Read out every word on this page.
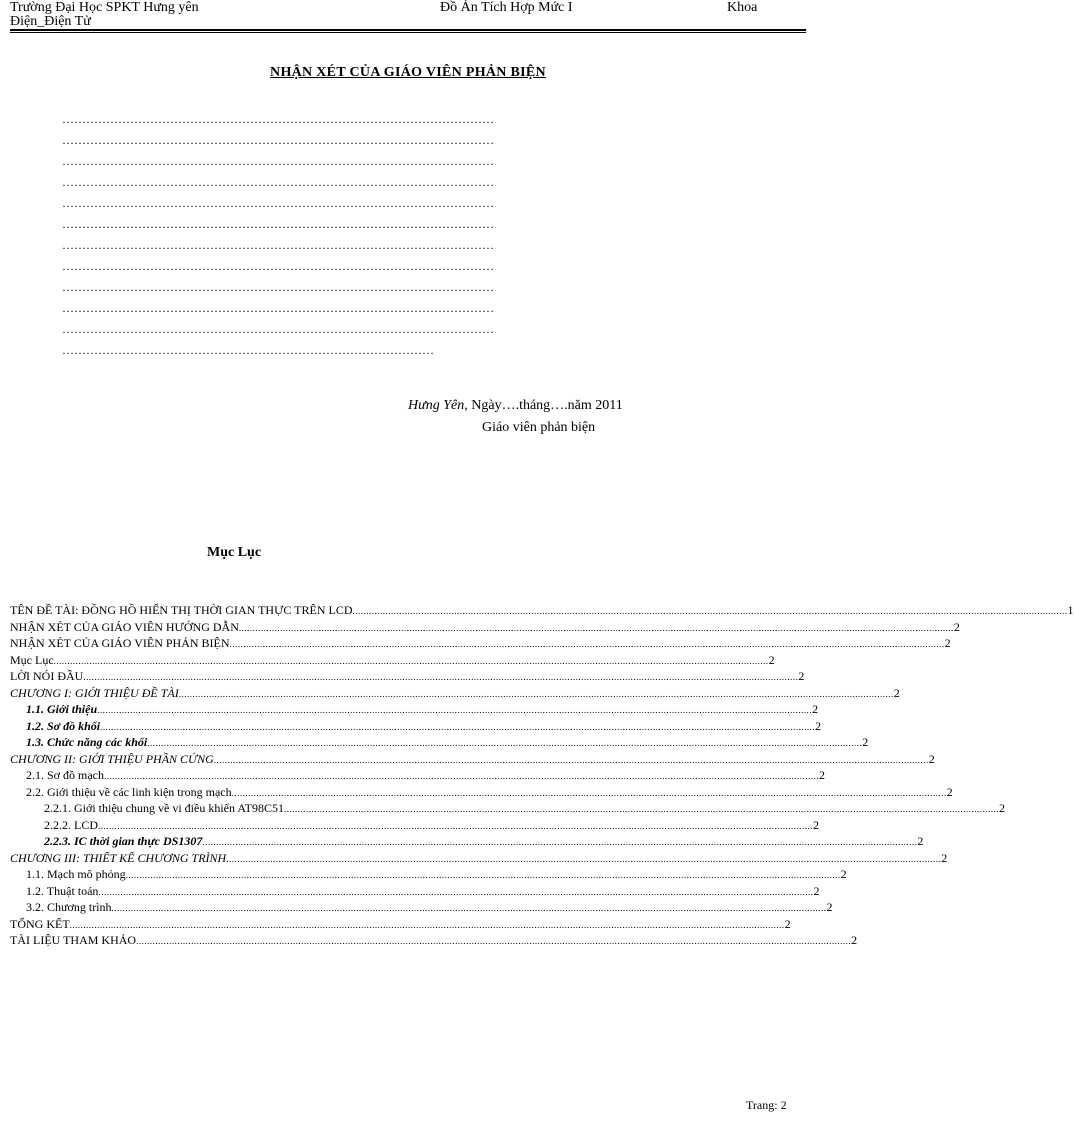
Trường Đại Học SPKT Hưng yên	Đồ Án Tích Hợp Mức I	Khoa
Điện_Điện Tử
NHẬN XÉT CỦA GIÁO VIÊN PHẢN BIỆN
………………………………………………………………………………………………
………………………………………………………………………………………………
………………………………………………………………………………………………
………………………………………………………………………………………………
………………………………………………………………………………………………
………………………………………………………………………………………………
………………………………………………………………………………………………
………………………………………………………………………………………………
………………………………………………………………………………………………
………………………………………………………………………………………………
………………………………………………………………………………………………
…………………………………………………………………………………
Hưng Yên, Ngày….tháng….năm 2011
Giáo viên phản biện
Mục Lục
TÊN ĐỀ TÀI: ĐỒNG HỒ HIỂN THỊ THỜI GIAN THỰC TRÊN LCD .................................................................................................................................................................................................................................................................... 1
NHẬN XÉT CỦA GIÁO VIÊN HƯỚNG DẪN .................................................................................................................................................................................................................................................................... 2
NHẬN XÉT CỦA GIÁO VIÊN PHẢN BIỆN .................................................................................................................................................................................................................................................................... 2
Mục Lục .................................................................................................................................................................................................................................................................... 2
LỜI NÓI ĐẦU .................................................................................................................................................................................................................................................................... 2
CHƯƠNG I: GIỚI THIỆU ĐỀ TÀI .................................................................................................................................................................................................................................................................... 2
1.1. Giới thiệu .................................................................................................................................................................................................................................................................... 2
1.2. Sơ đồ khối .................................................................................................................................................................................................................................................................... 2
1.3. Chức năng các khối .................................................................................................................................................................................................................................................................... 2
CHƯƠNG II: GIỚI THIỆU PHẦN CỨNG .................................................................................................................................................................................................................................................................... 2
2.1. Sơ đồ mạch .................................................................................................................................................................................................................................................................... 2
2.2. Giới thiệu về các linh kiện trong mạch .................................................................................................................................................................................................................................................................... 2
2.2.1. Giới thiệu chung về vi điều khiển AT98C51 .................................................................................................................................................................................................................................................................... 2
2.2.2. LCD .................................................................................................................................................................................................................................................................... 2
2.2.3. IC thời gian thực DS1307 .................................................................................................................................................................................................................................................................... 2
CHƯƠNG III: THIẾT KẾ CHƯƠNG TRÌNH .................................................................................................................................................................................................................................................................... 2
1.1. Mạch mô phỏng .................................................................................................................................................................................................................................................................... 2
1.2. Thuật toán .................................................................................................................................................................................................................................................................... 2
3.2. Chương trình .................................................................................................................................................................................................................................................................... 2
TỔNG KẾT .................................................................................................................................................................................................................................................................... 2
TÀI LIỆU THAM KHẢO .................................................................................................................................................................................................................................................................... 2
Trang: 2
